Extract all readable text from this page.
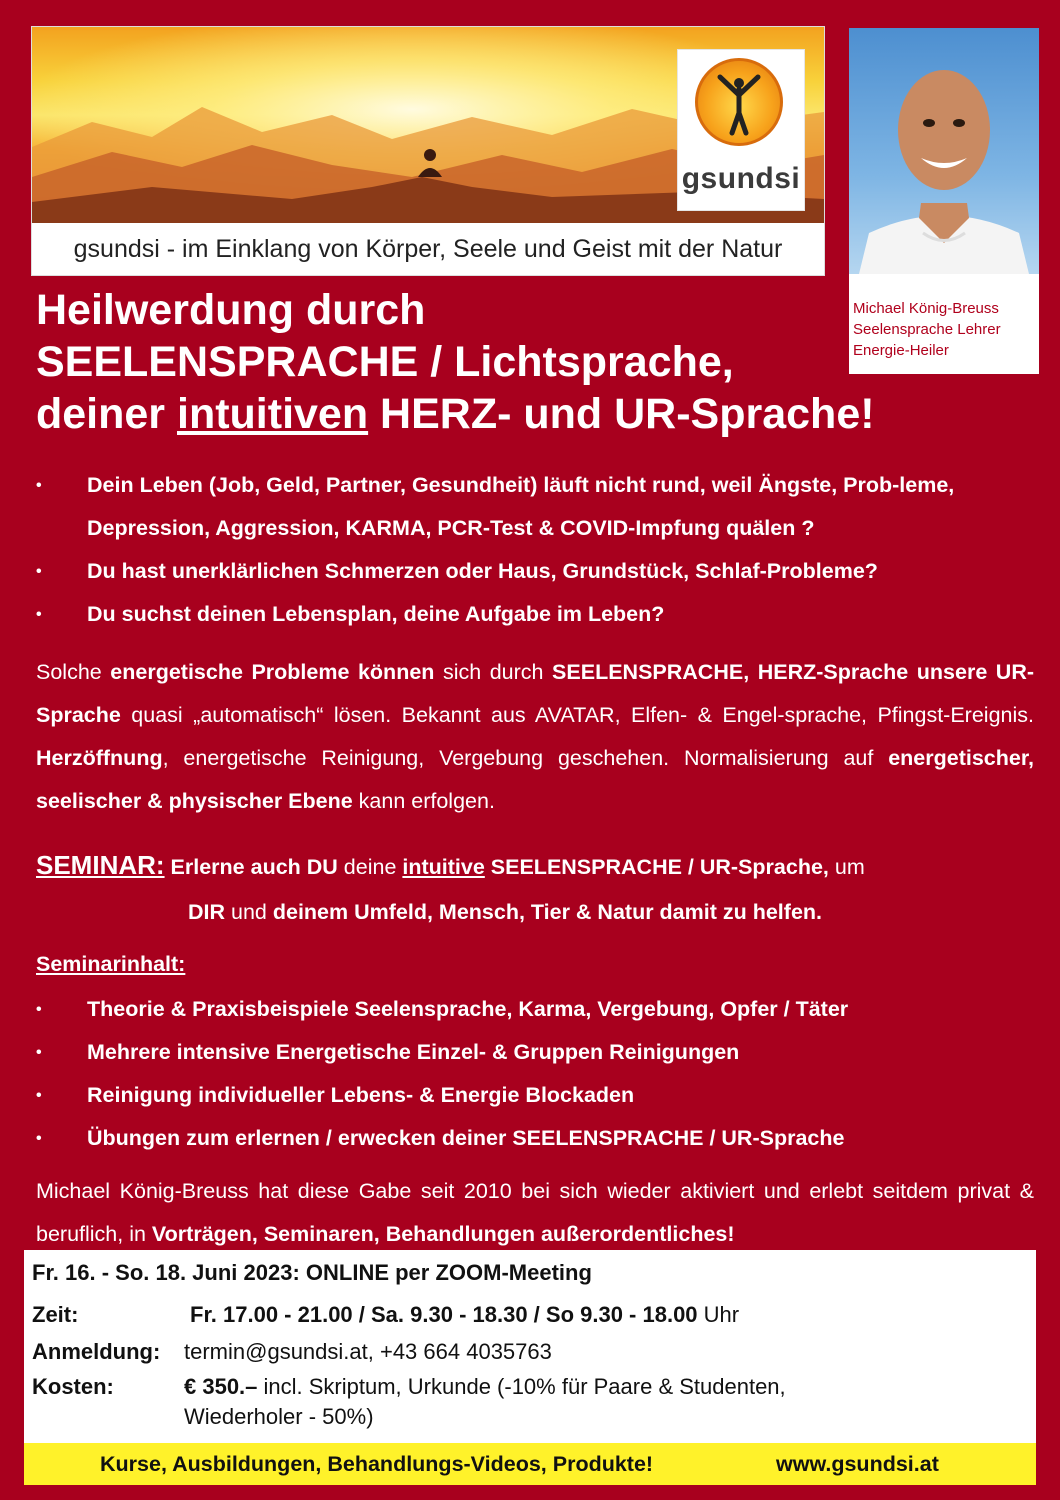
gsundsi
gsundsi - im Einklang von Körper, Seele und Geist mit der Natur
Michael König-Breuss
Seelensprache Lehrer
Energie-Heiler
Heilwerdung durch
SEELENSPRACHE / Lichtsprache,
deiner intuitiven HERZ- und UR-Sprache!
• Dein Leben (Job, Geld, Partner, Gesundheit) läuft nicht rund, weil Ängste, Prob-leme, Depression, Aggression, KARMA, PCR-Test & COVID-Impfung quälen ?
• Du hast unerklärlichen Schmerzen oder Haus, Grundstück, Schlaf-Probleme?
• Du suchst deinen Lebensplan, deine Aufgabe im Leben?
Solche energetische Probleme können sich durch SEELENSPRACHE, HERZ-Sprache unsere UR-Sprache quasi „automatisch“ lösen. Bekannt aus AVATAR, Elfen- & Engel-sprache, Pfingst-Ereignis. Herzöffnung, energetische Reinigung, Vergebung geschehen. Normalisierung auf energetischer, seelischer & physischer Ebene kann erfolgen.
SEMINAR: Erlerne auch DU deine intuitive SEELENSPRACHE / UR-Sprache, um
DIR und deinem Umfeld, Mensch, Tier & Natur damit zu helfen.
Seminarinhalt:
• Theorie & Praxisbeispiele Seelensprache, Karma, Vergebung, Opfer / Täter
• Mehrere intensive Energetische Einzel- & Gruppen Reinigungen
• Reinigung individueller Lebens- & Energie Blockaden
• Übungen zum erlernen / erwecken deiner SEELENSPRACHE / UR-Sprache
Michael König-Breuss hat diese Gabe seit 2010 bei sich wieder aktiviert und erlebt seitdem privat & beruflich, in Vorträgen, Seminaren, Behandlungen außerordentliches!
Fr. 16. - So. 18. Juni 2023: ONLINE per ZOOM-Meeting
Zeit:	Fr. 17.00 - 21.00 / Sa. 9.30 - 18.30 / So 9.30 - 18.00 Uhr
Anmeldung: termin@gsundsi.at, +43 664 4035763
Kosten:	€ 350.– incl. Skriptum, Urkunde (-10% für Paare & Studenten,
Wiederholer - 50%)
Kurse, Ausbildungen, Behandlungs-Videos, Produkte!	www.gsundsi.at
